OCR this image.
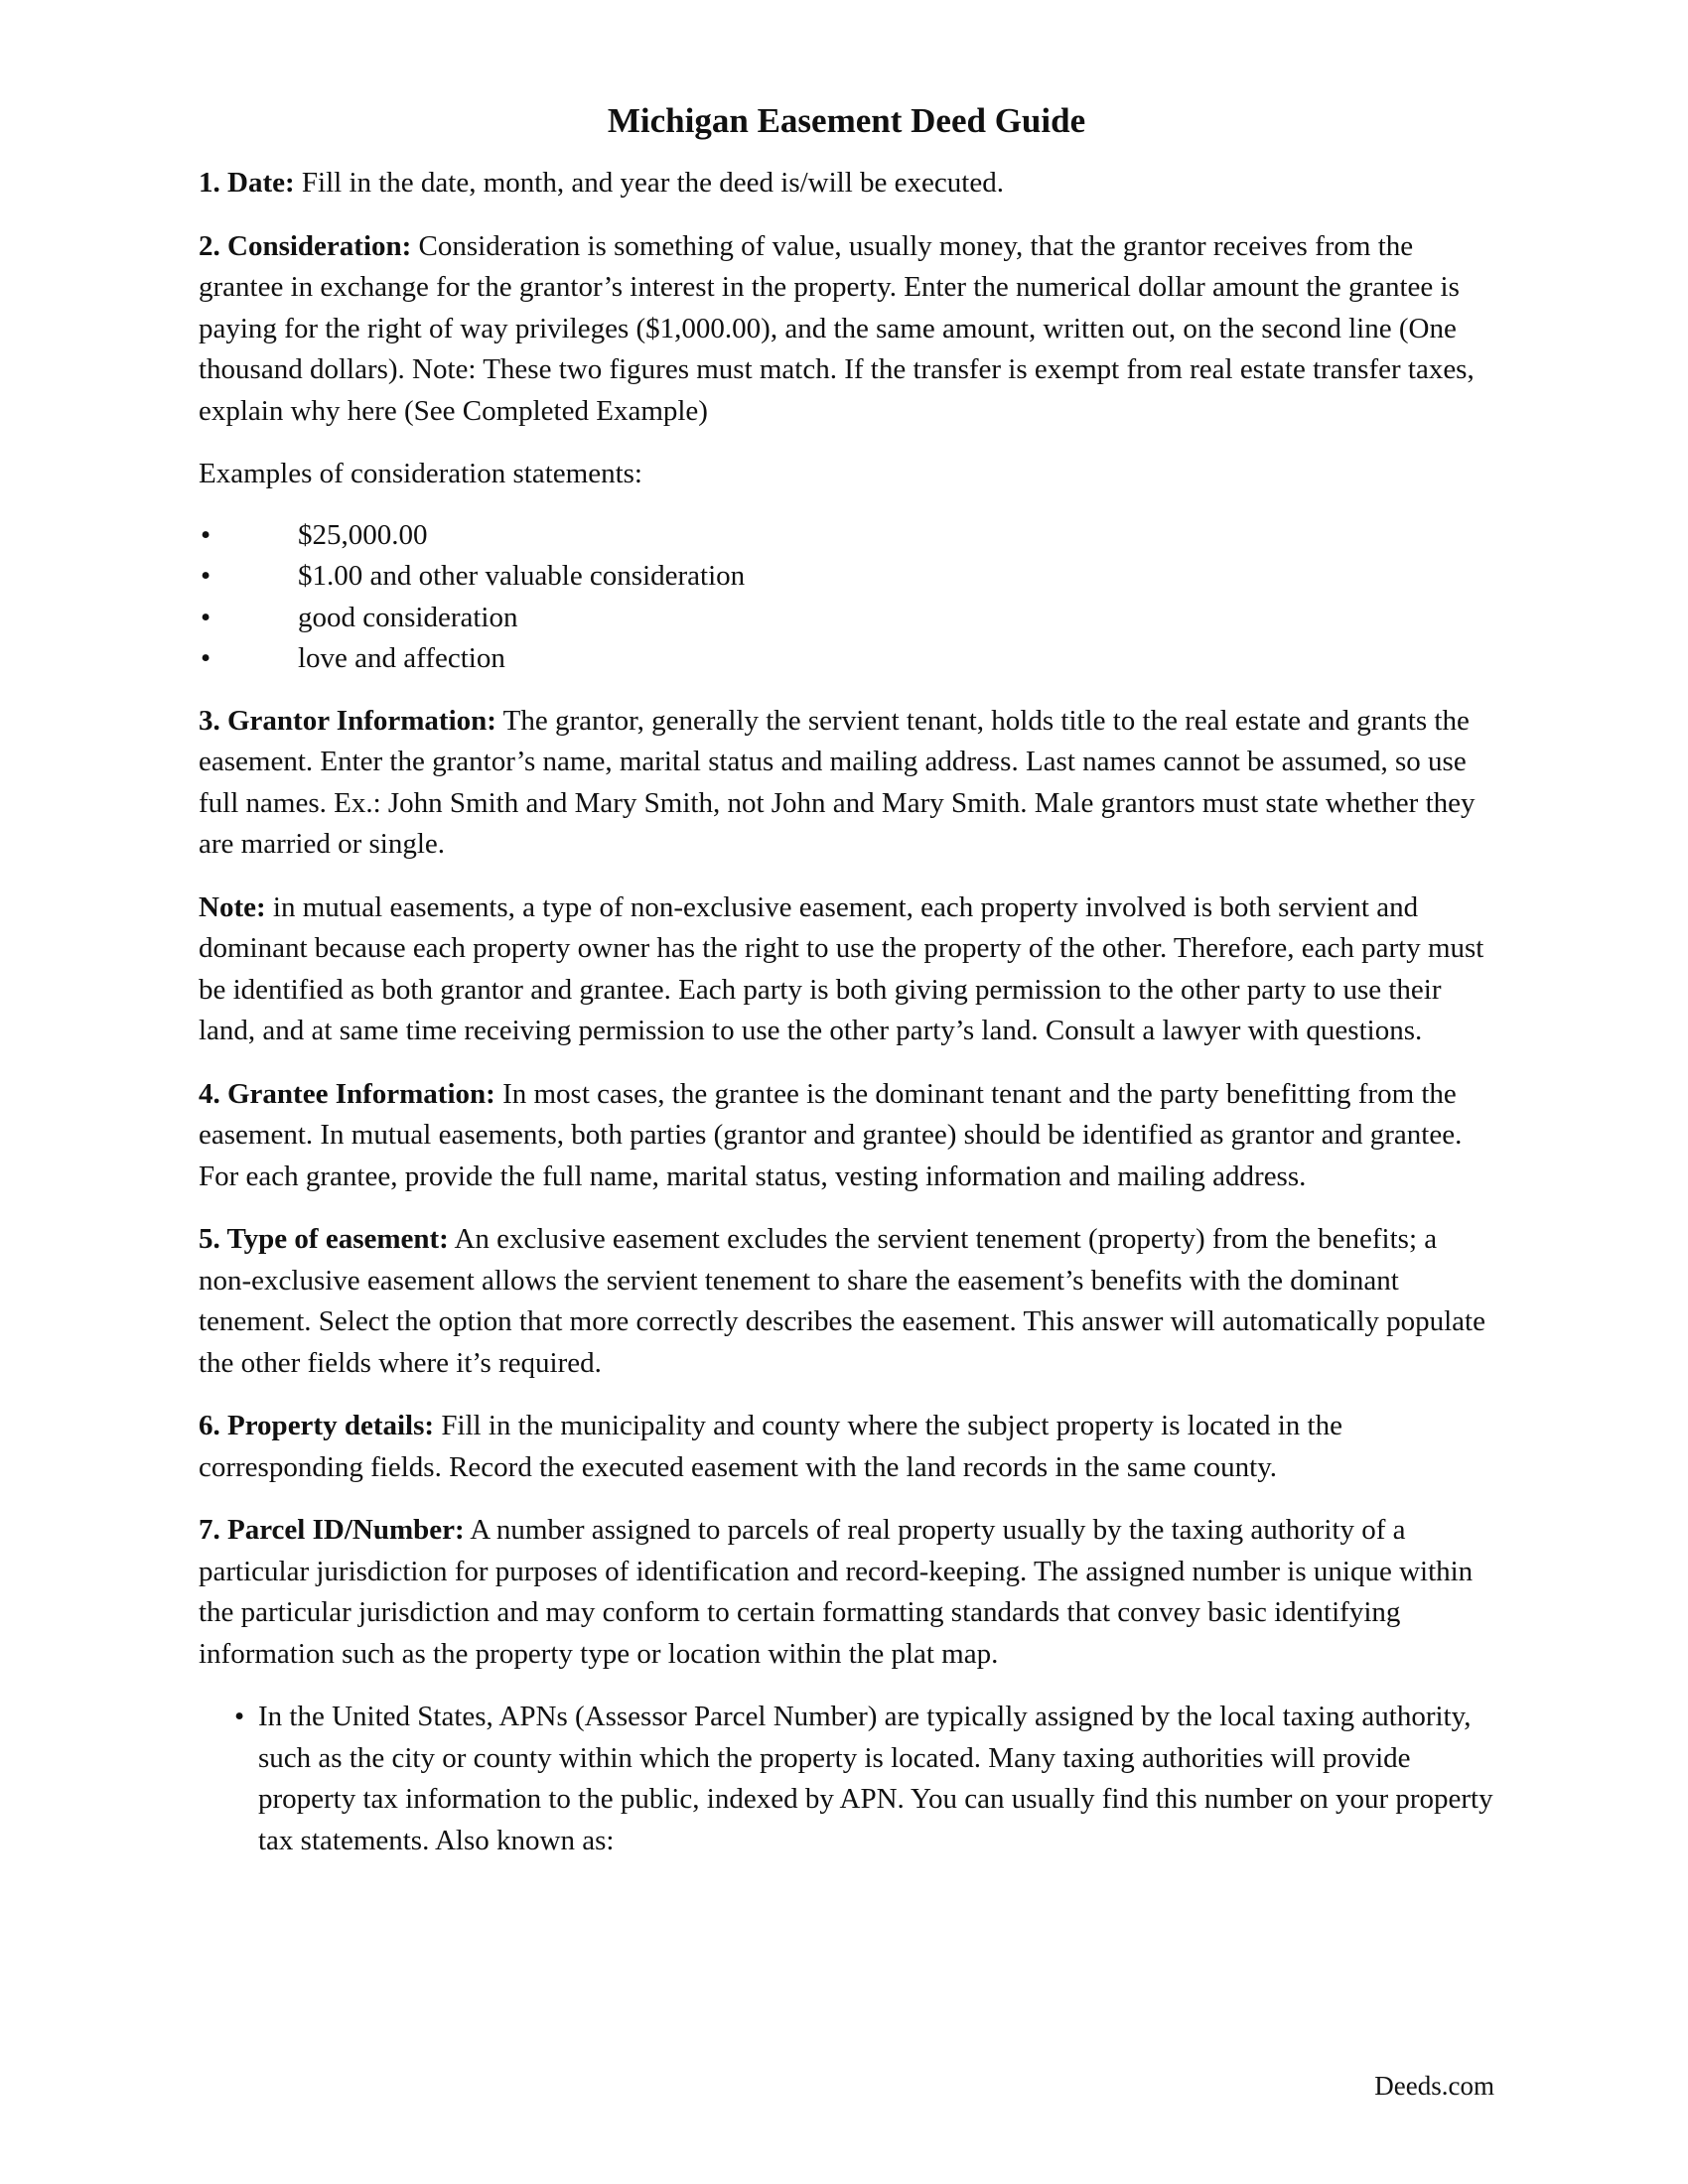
Michigan Easement Deed Guide

1. Date: Fill in the date, month, and year the deed is/will be executed.

2. Consideration: Consideration is something of value, usually money, that the grantor receives from the grantee in exchange for the grantor’s interest in the property. Enter the numerical dollar amount the grantee is paying for the right of way privileges ($1,000.00), and the same amount, written out, on the second line (One thousand dollars). Note: These two figures must match. If the transfer is exempt from real estate transfer taxes, explain why here (See Completed Example)

Examples of consideration statements:

•	$25,000.00
•	$1.00 and other valuable consideration
•	good consideration
•	love and affection

3. Grantor Information: The grantor, generally the servient tenant, holds title to the real estate and grants the easement. Enter the grantor’s name, marital status and mailing address. Last names cannot be assumed, so use full names. Ex.: John Smith and Mary Smith, not John and Mary Smith. Male grantors must state whether they are married or single.

Note: in mutual easements, a type of non-exclusive easement, each property involved is both servient and dominant because each property owner has the right to use the property of the other. Therefore, each party must be identified as both grantor and grantee. Each party is both giving permission to the other party to use their land, and at same time receiving permission to use the other party’s land. Consult a lawyer with questions.

4. Grantee Information: In most cases, the grantee is the dominant tenant and the party benefitting from the easement. In mutual easements, both parties (grantor and grantee) should be identified as grantor and grantee. For each grantee, provide the full name, marital status, vesting information and mailing address.

5. Type of easement: An exclusive easement excludes the servient tenement (property) from the benefits; a non-exclusive easement allows the servient tenement to share the easement’s benefits with the dominant tenement. Select the option that more correctly describes the easement. This answer will automatically populate the other fields where it’s required.

6. Property details: Fill in the municipality and county where the subject property is located in the corresponding fields. Record the executed easement with the land records in the same county.

7. Parcel ID/Number: A number assigned to parcels of real property usually by the taxing authority of a particular jurisdiction for purposes of identification and record-keeping. The assigned number is unique within the particular jurisdiction and may conform to certain formatting standards that convey basic identifying information such as the property type or location within the plat map.

• In the United States, APNs (Assessor Parcel Number) are typically assigned by the local taxing authority, such as the city or county within which the property is located. Many taxing authorities will provide property tax information to the public, indexed by APN. You can usually find this number on your property tax statements. Also known as:
Deeds.com
